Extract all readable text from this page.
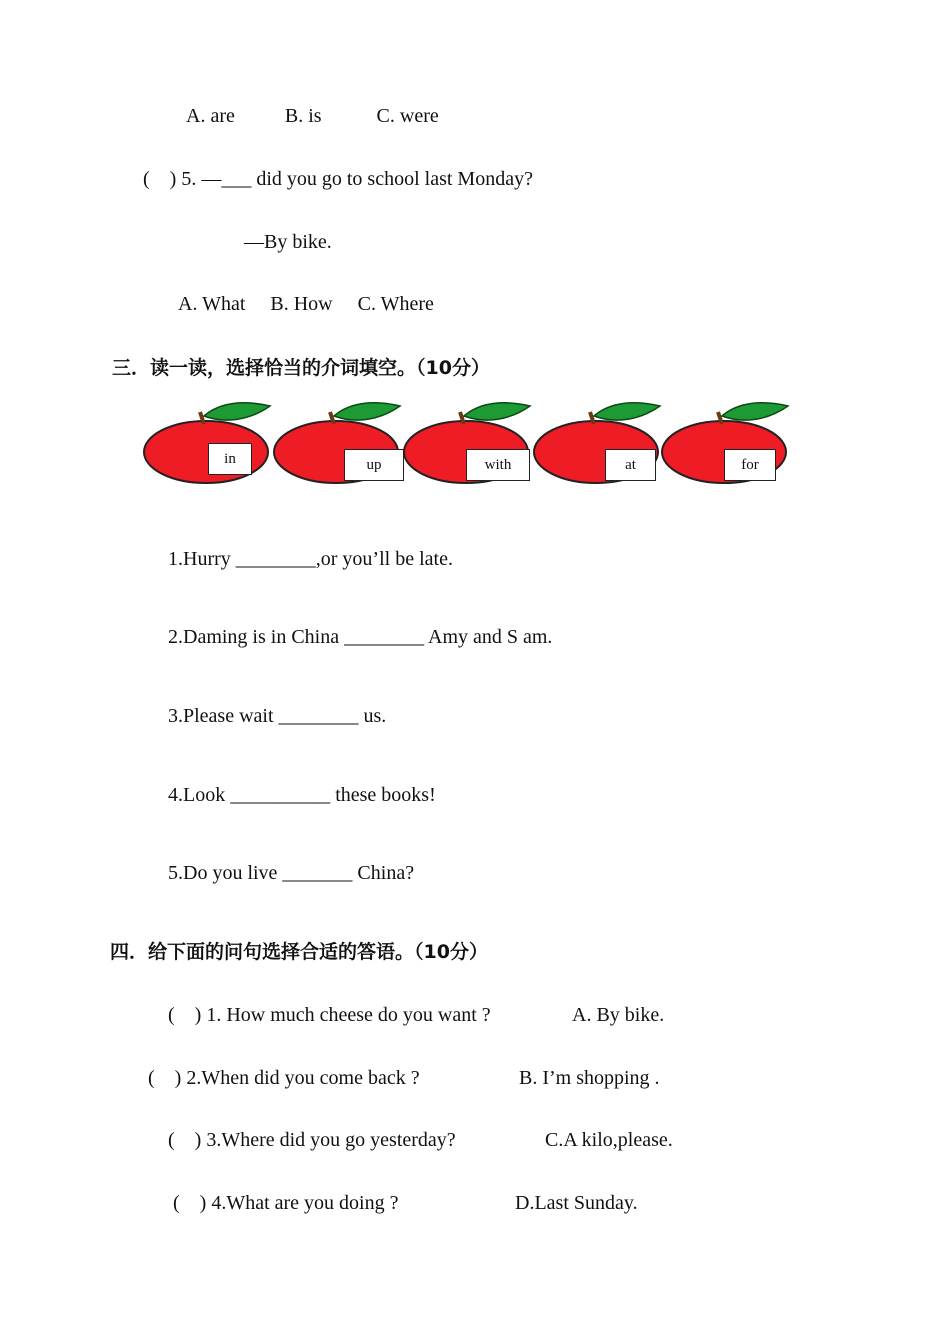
A. are          B. is           C. were
(    ) 5. —___ did you go to school last Monday?
—By bike.
A. What     B. How     C. Where
三．读一读，选择恰当的介词填空。（10分）
in	up	with	at	for
1.Hurry ________,or you’ll be late.
2.Daming is in China ________ Amy and S am.
3.Please wait ________ us.
4.Look __________ these books!
5.Do you live _______ China?
四．给下面的问句选择合适的答语。（10分）
(    ) 1. How much cheese do you want ?	A. By bike.
(    ) 2.When did you come back ?	B. I’m shopping .
(    ) 3.Where did you go yesterday?	C.A kilo,please.
(    ) 4.What are you doing ?	D.Last Sunday.
